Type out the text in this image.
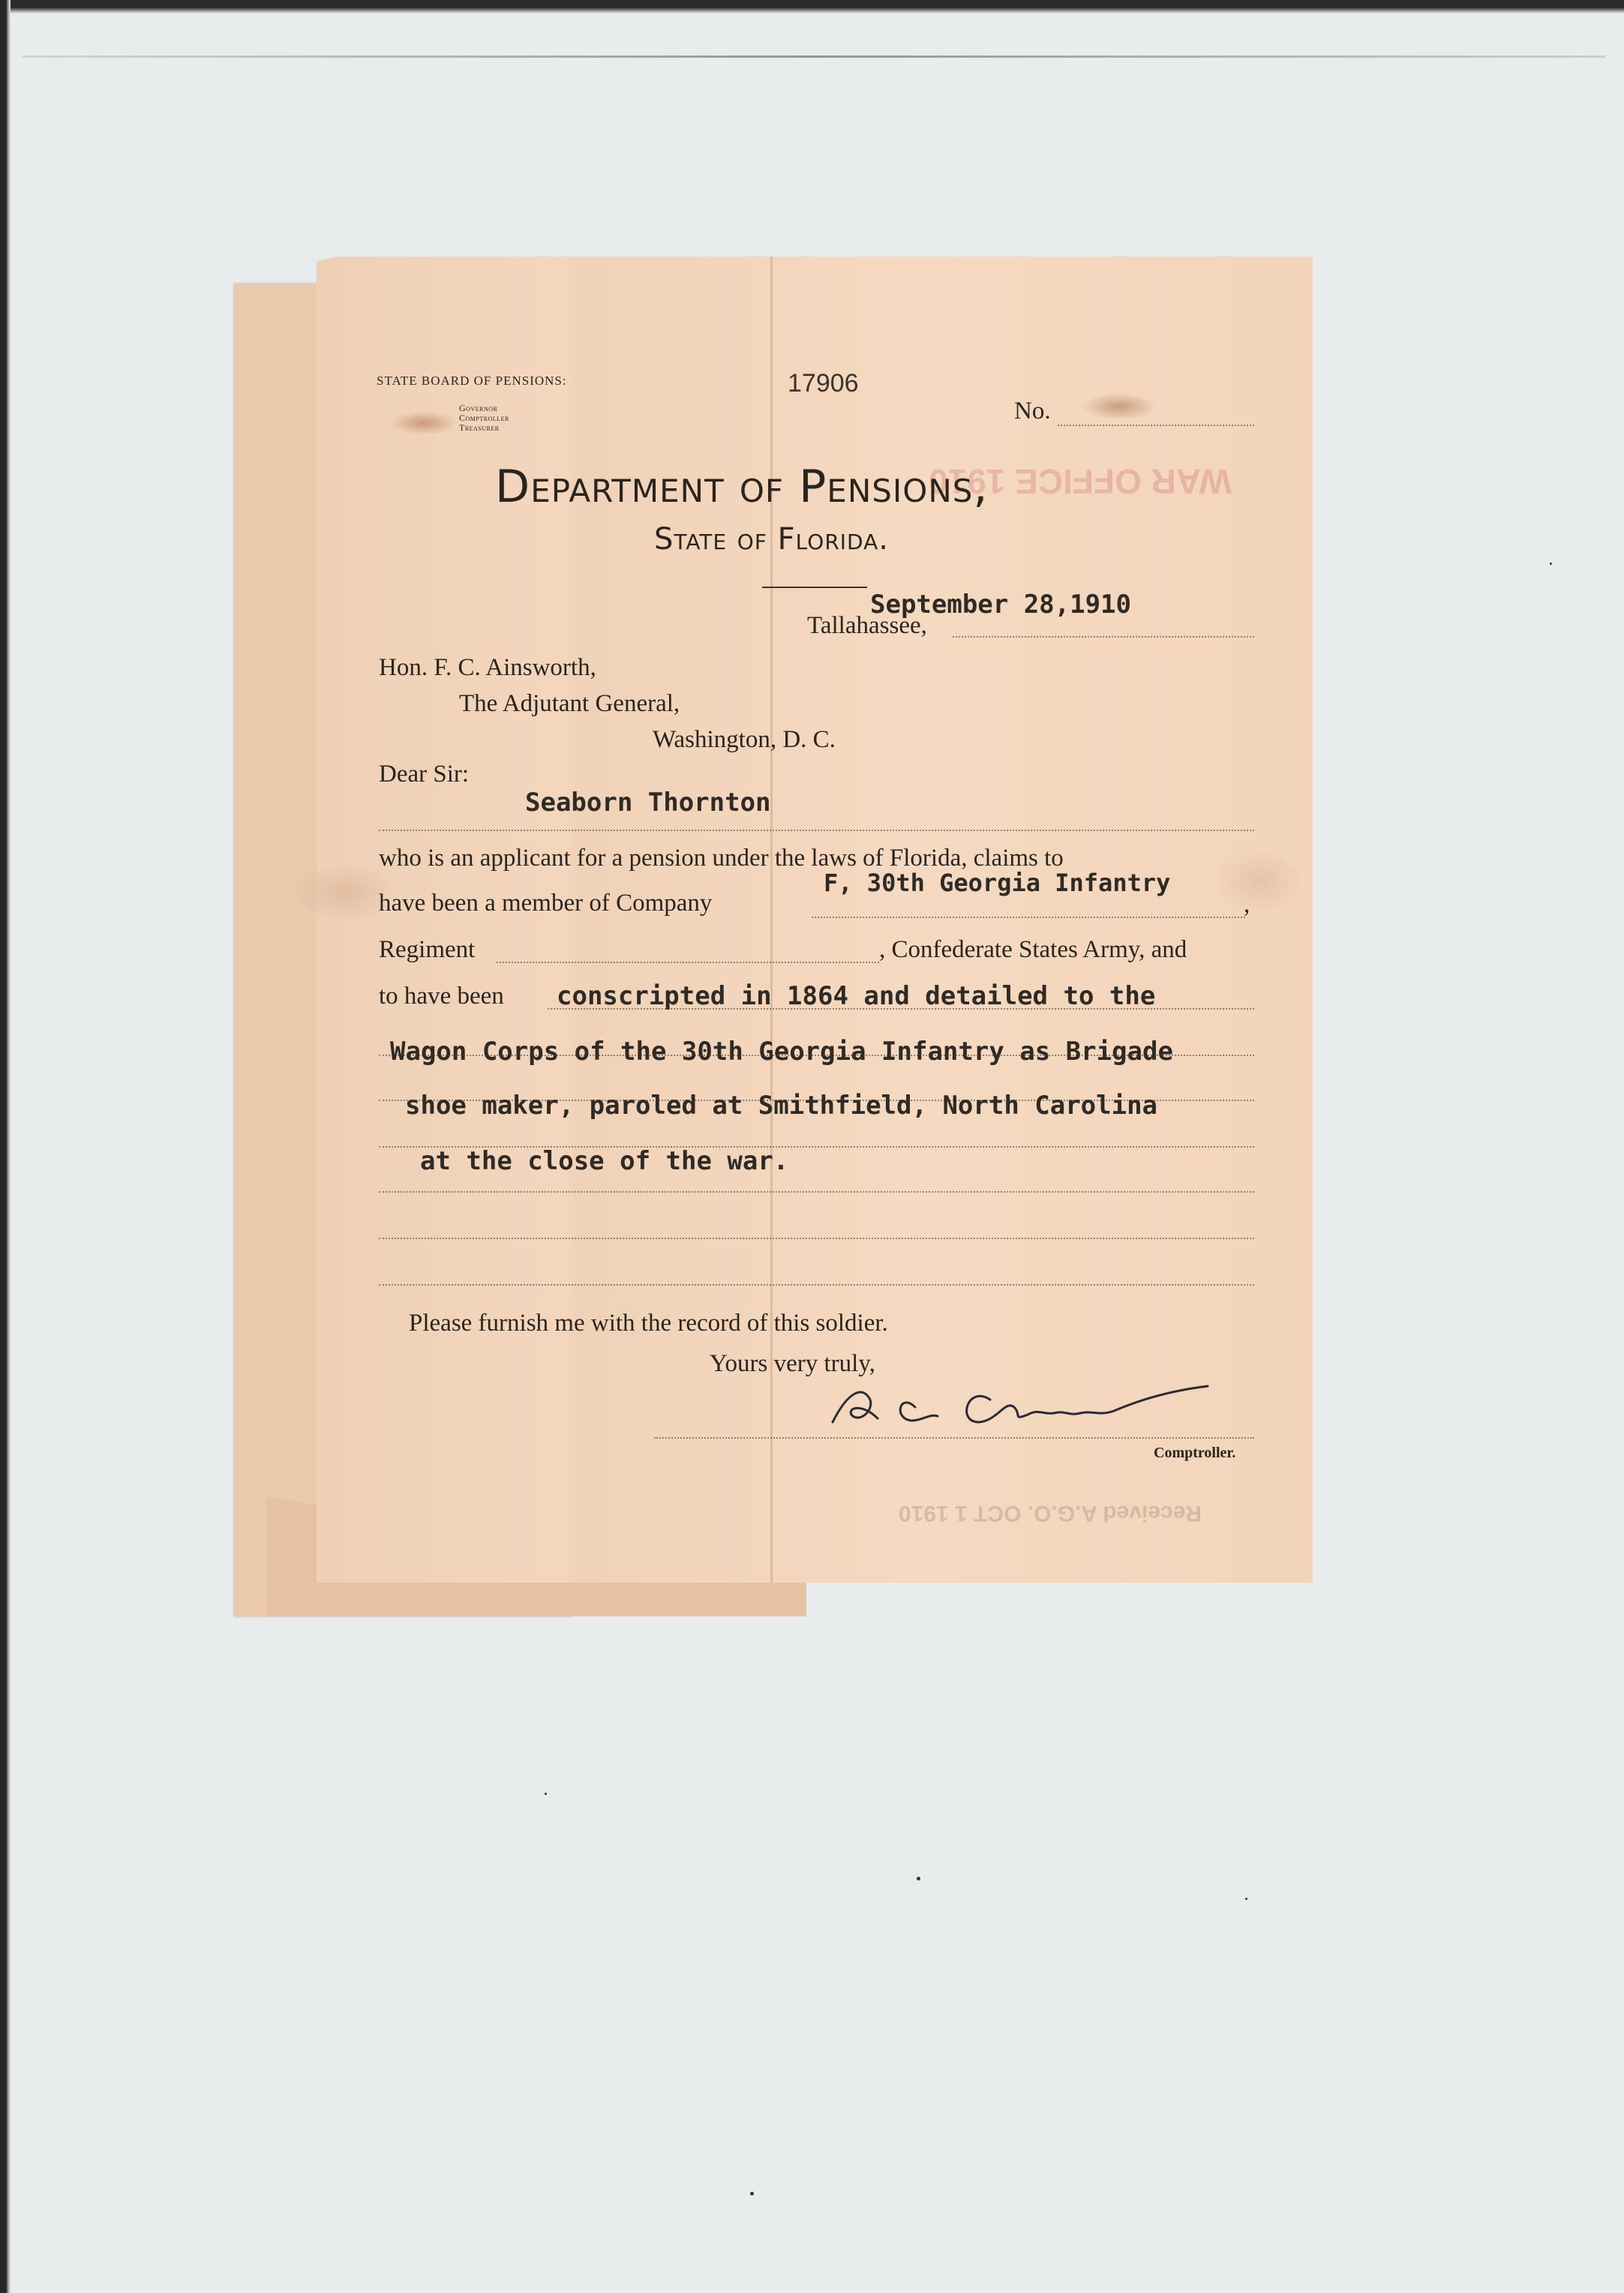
WAR OFFICE 1910

STATE BOARD OF PENSIONS:

Governor
Comptroller
Treasurer

17906

No.

Department of Pensions,

State of Florida.

September 28,1910

Tallahassee,

Hon. F. C. Ainsworth,

The Adjutant General,

Washington, D. C.

Dear Sir:

Seaborn Thornton

who is an applicant for a pension under the laws of Florida, claims to

have been a member of Company

F, 30th Georgia Infantry

,

Regiment	, Confederate States Army, and

to have been conscripted in 1864 and detailed to the

Wagon Corps of the 30th Georgia Infantry as Brigade

shoe maker, paroled at Smithfield, North Carolina

at the close of the war.

Please furnish me with the record of this soldier.

Yours very truly,

Comptroller.

Received A.G.O. OCT 1 1910
